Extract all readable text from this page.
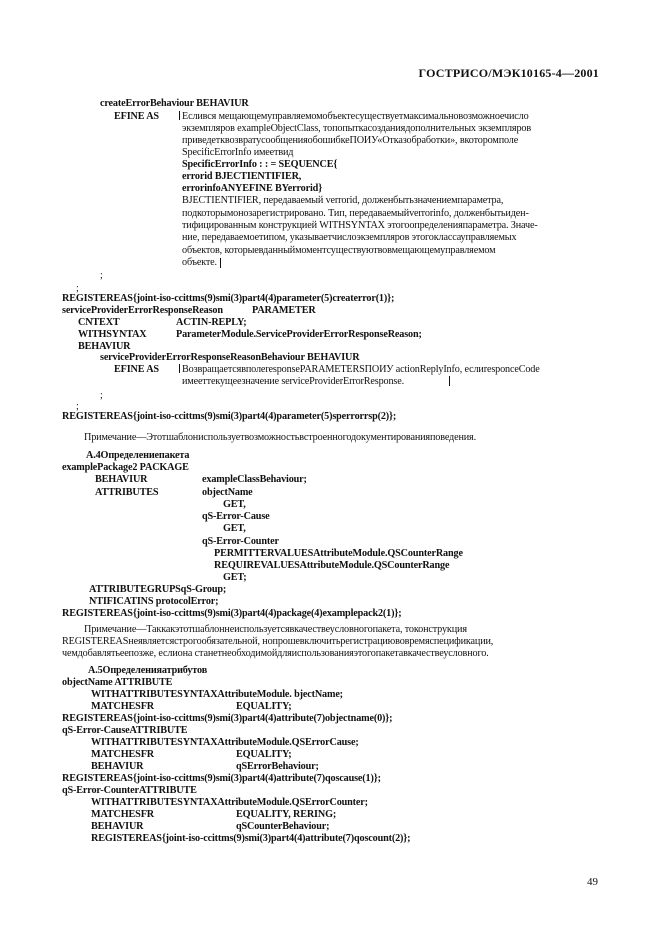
ГОСТРИСО/МЭК10165-4—2001
createErrorBehaviour BEHAVIUR
EFINE AS Еслився мещающемуправляемомобъектесуществуетмаксимальновозможноечисло
экземпляров exampleObjectClass, топопыткасозданиядополнительных экземпляров
приведетквозвратусообщенияобошибкеПОИУ«Отказобработки», вкоторомполе
SpecificErrorInfo имеетвид
SpecificErrorInfo : : = SEQUENCE{
errorid BJECTIENTIFIER,
errorinfoANYEFINE BYerrorid}
BJECTIENTIFIER, передаваемый verrorid, долженбытьзначениемпараметра,
подкоторымонозарегистрировано. Тип, передаваемыйverrorinfo, долженбытьиден-
тифицированным конструкцией WITHSYNTAX этогоопределенияпараметра. Значе-
ние, передаваемоетипом, указываетчислоэкземпляров этогоклассауправляемых
объектов, которыевданныймоментсуществуютвовмещающемуправляемом
объекте.
;
;
REGISTEREAS{joint-iso-ccittms(9)smi(3)part4(4)parameter(5)createrror(1)};
serviceProviderErrorResponseReason	PARAMETER
CNTEXT	ACTIN-REPLY;
WITHSYNTAX	ParameterModule.ServiceProviderErrorResponseReason;
BEHAVIUR
serviceProviderErrorResponseReasonBehaviour BEHAVIUR
EFINE AS ВозвращаетсявполеresponsePARAMETERSПОИУ actionReplyInfo, еслиresponceCode
имееттекущеезначение serviceProviderErrorResponse.
;
;
REGISTEREAS{joint-iso-ccittms(9)smi(3)part4(4)parameter(5)sperrorrsp(2)};
Примечание—Этотшаблониспользуетвозможностьвстроенногодокументированияповедения.
A.4Определениепакета
examplePackage2 PACKAGE
BEHAVIUR	exampleClassBehaviour;
ATTRIBUTES	objectName
GET,
qS-Error-Cause
GET,
qS-Error-Counter
PERMITTERVALUESAttributeModule.QSCounterRange
REQUIREVALUESAttributeModule.QSCounterRange
GET;
ATTRIBUTEGRUPSqS-Group;
NTIFICATINS protocolError;
REGISTEREAS{joint-iso-ccittms(9)smi(3)part4(4)package(4)examplepack2(1)};
Примечание—Таккакэтотшаблоннеиспользуетсявкачествеусловногопакета, токонструкция
REGISTEREASнеявляетсястрогообязательной, нопрошевключитьрегистрациювовремяспецификации,
чемдобавлятьеепозже, еслиона станетнеобходимойдляиспользованияэтогопакетавкачествеусловного.
A.5Определенияатрибутов
objectName ATTRIBUTE
WITHATTRIBUTESYNTAXAttributeModule. bjectName;
MATCHESFR	EQUALITY;
REGISTEREAS{joint-iso-ccittms(9)smi(3)part4(4)attribute(7)objectname(0)};
qS-Error-CauseATTRIBUTE
WITHATTRIBUTESYNTAXAttributeModule.QSErrorCause;
MATCHESFR	EQUALITY;
BEHAVIUR	qSErrorBehaviour;
REGISTEREAS{joint-iso-ccittms(9)smi(3)part4(4)attribute(7)qoscause(1)};
qS-Error-CounterATTRIBUTE
WITHATTRIBUTESYNTAXAttributeModule.QSErrorCounter;
MATCHESFR	EQUALITY, RERING;
BEHAVIUR	qSCounterBehaviour;
REGISTEREAS{joint-iso-ccittms(9)smi(3)part4(4)attribute(7)qoscount(2)};
49
